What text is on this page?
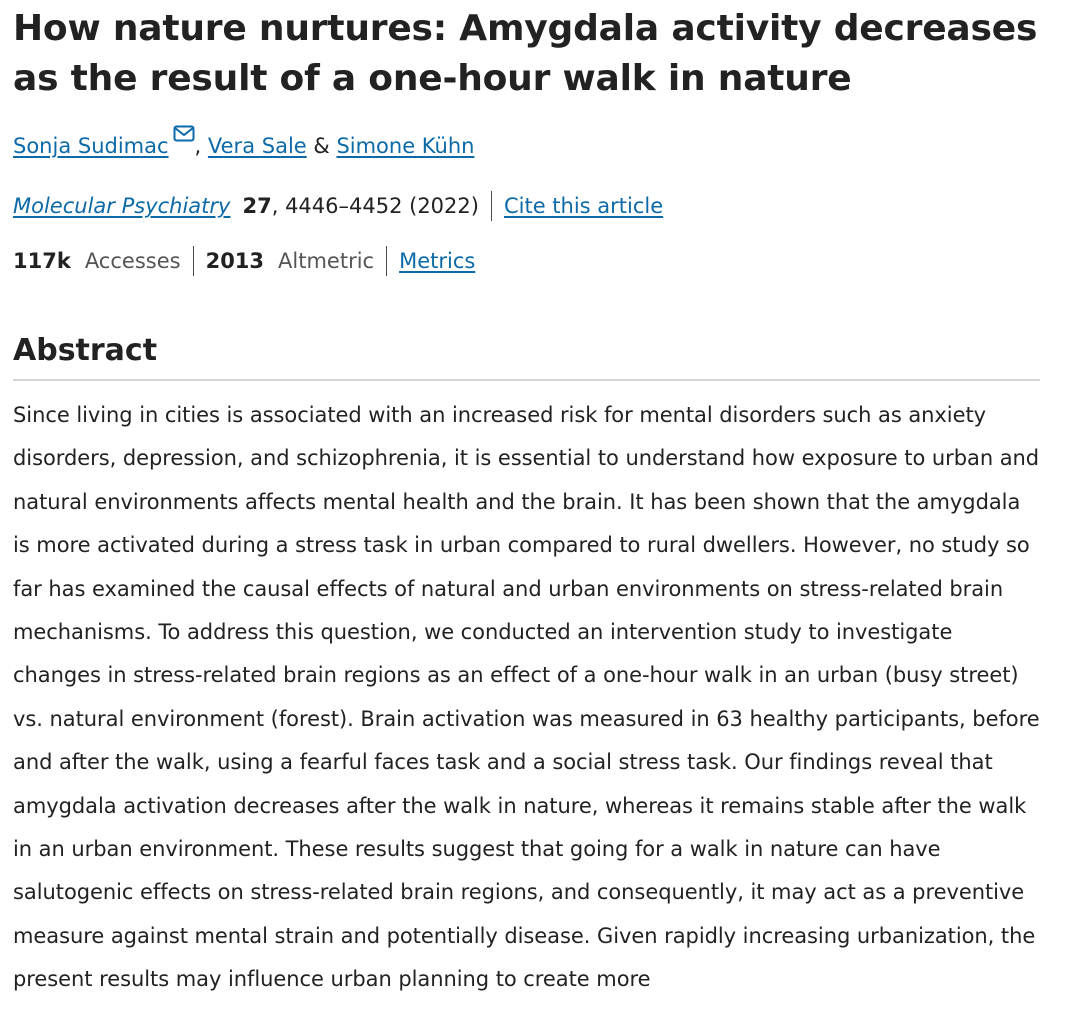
How nature nurtures: Amygdala activity decreases as the result of a one-hour walk in nature
Sonja Sudimac , Vera Sale & Simone Kühn
Molecular Psychiatry 27 , 4446–4452 (2022) Cite this article
117k Accesses 2013 Altmetric Metrics
Abstract

Since living in cities is associated with an increased risk for mental disorders such as anxiety disorders, depression, and schizophrenia, it is essential to understand how exposure to urban and natural environments affects mental health and the brain. It has been shown that the amygdala is more activated during a stress task in urban compared to rural dwellers. However, no study so far has examined the causal effects of natural and urban environments on stress-related brain mechanisms. To address this question, we conducted an intervention study to investigate changes in stress-related brain regions as an effect of a one-hour walk in an urban (busy street) vs. natural environment (forest). Brain activation was measured in 63 healthy participants, before and after the walk, using a fearful faces task and a social stress task. Our findings reveal that amygdala activation decreases after the walk in nature, whereas it remains stable after the walk in an urban environment. These results suggest that going for a walk in nature can have salutogenic effects on stress-related brain regions, and consequently, it may act as a preventive measure against mental strain and potentially disease. Given rapidly increasing urbanization, the present results may influence urban planning to create more
